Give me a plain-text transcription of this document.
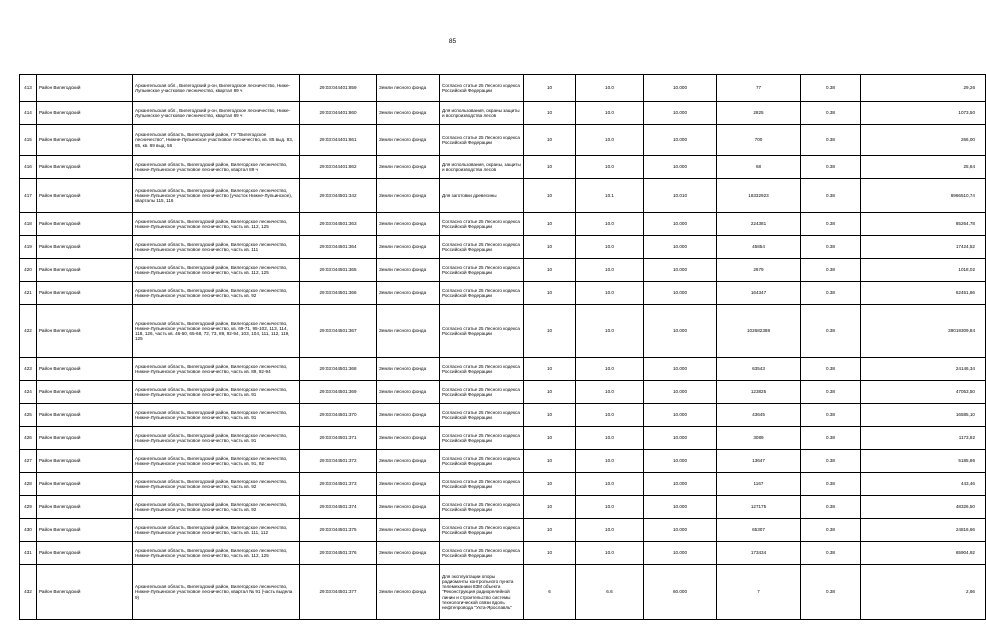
85
413	Район Вилегодский	Архангельская обл., Вилегодский р-он, Вилегодское лесничество, Ниже-Лупьинское участковое лесничество, квартал 89 ч	29:03:044401:859	Земли лесного фонда	Согласно статье 25 Лесного кодекса Российской Федерации	10	10.0	10.000	77	0.38	29,26
414	Район Вилегодский	Архангельская обл., Вилегодский р-он, Вилегодское лесничество, Ниже-Лупьинское участковое лесничество, квартал 89 ч	29:03:044401:860	Земли лесного фонда	Для использования, охраны защиты и воспроизводства лесов	10	10.0	10.000	2825	0.38	1073,50
415	Район Вилегодский	Архангельская область, Вилегодский район, ГУ "Вилегодское лесничество", Нижне-Лупьинское участковое лесничество, кв. 85 выд. 83, 85, кв. 89 выд. 56	29:03:044401:861	Земли лесного фонда	Согласно статье 25 Лесного кодекса Российской Федерации	10	10.0	10.000	700	0.38	266,00
416	Район Вилегодский	Архангельская область, Вилегодский район, Вилегодское лесничество, Нижне-Лупьинское участковое лесничество, квартал 89 ч	29:03:044401:862	Земли лесного фонда	Для использования, охраны, защиты и воспроизводства лесов	10	10.0	10.000	68	0.38	25,84
417	Район Вилегодский	Архангельская область, Вилегодский район, Вилегодское лесничество, Нижне-Лупьинское участковое лесничество (участок Нижне-Лупьинское), кварталы 115, 116	29:03:044501:342	Земли лесного фонда	Для заготовки древесины	10	10.1	10.010	18332923	0.38	6966510,74
418	Район Вилегодский	Архангельская область, Вилегодский район, Вилегодское лесничество, Нижне-Лупьинское участковое лесничество, часть кв. 112, 125	29:03:044501:363	Земли лесного фонда	Согласно статье 25 Лесного кодекса Российской Федерации	10	10.0	10.000	224381	0.38	85264,78
419	Район Вилегодский	Архангельская область, Вилегодский район, Вилегодское лесничество, Нижне-Лупьинское участковое лесничество, часть кв. 111	29:03:044501:364	Земли лесного фонда	Согласно статье 25 Лесного кодекса Российской Федерации	10	10.0	10.000	45854	0.38	17424,52
420	Район Вилегодский	Архангельская область, Вилегодский район, Вилегодское лесничество, Нижне-Лупьинское участковое лесничество, часть кв. 112, 125	29:03:044501:365	Земли лесного фонда	Согласно статье 25 Лесного кодекса Российской Федерации	10	10.0	10.000	2679	0.38	1018,02
421	Район Вилегодский	Архангельская область, Вилегодский район, Вилегодское лесничество, Нижне-Лупьинское участковое лесничество, часть кв. 92	29:03:044501:366	Земли лесного фонда	Согласно статье 25 Лесного кодекса Российской Федерации	10	10.0	10.000	164347	0.38	62451,86
422	Район Вилегодский	Архангельская область, Вилегодский район, Вилегодское лесничество, Нижне-Лупьинское участковое лесничество, кв. 69-71, 95-102, 113, 114, 118, 126, часть кв. 46-50, 65-68, 72, 73, 89, 92-94, 103, 104, 111, 112, 119, 125	29:03:044501:367	Земли лесного фонда	Согласно статье 25 Лесного кодекса Российской Федерации	10	10.0	10.000	102682388	0.38	39019309,84
423	Район Вилегодский	Архангельская область, Вилегодский район, Вилегодское лесничество, Нижне-Лупьинское участковое лесничество, часть кв. 89, 92-94	29:03:044501:368	Земли лесного фонда	Согласно статье 25 Лесного кодекса Российской Федерации	10	10.0	10.000	63543	0.38	24146,34
424	Район Вилегодский	Архангельская область, Вилегодский район, Вилегодское лесничество, Нижне-Лупьинское участковое лесничество, часть кв. 91	29:03:044501:369	Земли лесного фонда	Согласно статье 25 Лесного кодекса Российской Федерации	10	10.0	10.000	123825	0.38	47053,50
425	Район Вилегодский	Архангельская область, Вилегодский район, Вилегодское лесничество, Нижне-Лупьинское участковое лесничество, часть кв. 91	29:03:044501:370	Земли лесного фонда	Согласно статье 25 Лесного кодекса Российской Федерации	10	10.0	10.000	43645	0.38	16585,10
426	Район Вилегодский	Архангельская область, Вилегодский район, Вилегодское лесничество, Нижне-Лупьинское участковое лесничество, часть кв. 91	29:03:044501:371	Земли лесного фонда	Согласно статье 25 Лесного кодекса Российской Федерации	10	10.0	10.000	3089	0.38	1173,82
427	Район Вилегодский	Архангельская область, Вилегодский район, Вилегодское лесничество, Нижне-Лупьинское участковое лесничество, часть кв. 91, 92	29:03:044501:372	Земли лесного фонда	Согласно статье 25 Лесного кодекса Российской Федерации	10	10.0	10.000	13647	0.38	5185,86
428	Район Вилегодский	Архангельская область, Вилегодский район, Вилегодское лесничество, Нижне-Лупьинское участковое лесничество, часть кв. 92	29:03:044501:373	Земли лесного фонда	Согласно статье 25 Лесного кодекса Российской Федерации	10	10.0	10.000	1167	0.38	443,46
429	Район Вилегодский	Архангельская область, Вилегодский район, Вилегодское лесничество, Нижне-Лупьинское участковое лесничество, часть кв. 92	29:03:044501:374	Земли лесного фонда	Согласно статье 25 Лесного кодекса Российской Федерации	10	10.0	10.000	127175	0.38	48326,50
430	Район Вилегодский	Архангельская область, Вилегодский район, Вилегодское лесничество, Нижне-Лупьинское участковое лесничество, часть кв. 111, 112	29:03:044501:375	Земли лесного фонда	Согласно статье 25 Лесного кодекса Российской Федерации	10	10.0	10.000	65307	0.38	24816,66
431	Район Вилегодский	Архангельская область, Вилегодский район, Вилегодское лесничество, Нижне-Лупьинское участковое лесничество, часть кв. 112, 125	29:03:044501:376	Земли лесного фонда	Согласно статье 25 Лесного кодекса Российской Федерации	10	10.0	10.000	173434	0.38	65904,92
432	Район Вилегодский	Архангельская область, Вилегодский район, Вилегодское лесничество, Нижне-Лупьинское участковое лесничество, квартал № 91 (часть выдела 9)	29:03:044501:377	Земли лесного фонда	Для эксплуатации опоры радиомачты контрольного пункта телемеханики 83М объекта "Реконструкция радиорелейной линии и строительство системы технологической связи вдоль нефтепровода "Ухта-Ярославль"	6	6.6	60.000	7	0.38	2,66
